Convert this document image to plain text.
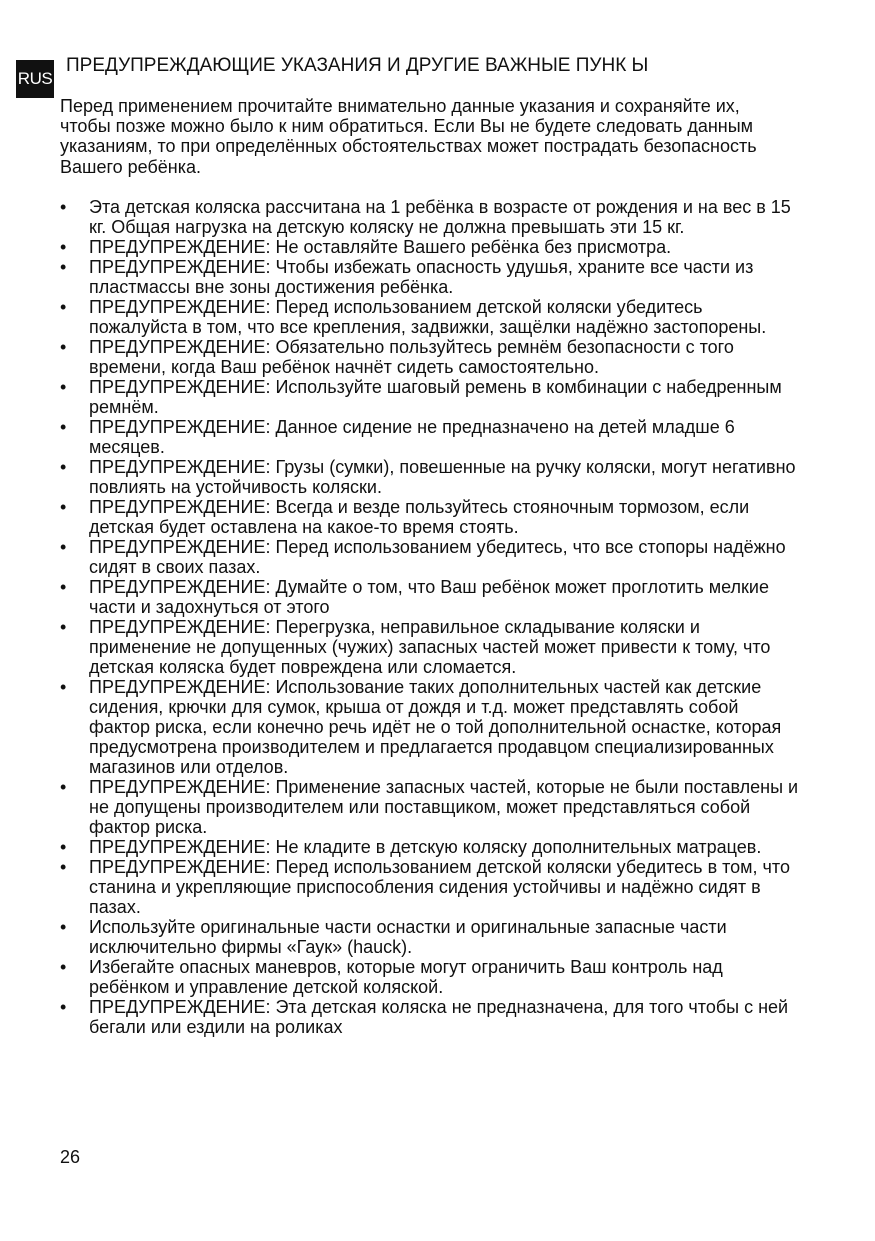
RUS
ПРЕДУПРЕЖДАЮЩИЕ УКАЗАНИЯ И ДРУГИЕ ВАЖНЫЕ ПУНК Ы

Перед применением прочитайте внимательно данные указания и сохраняйте их, чтобы позже можно было к ним обратиться. Если Вы не будете следовать данным указаниям, то при определённых обстоятельствах может пострадать безопасность Вашего ребёнка.

•	Эта детская коляска рассчитана на 1 ребёнка в возрасте от рождения и на вес в 15 кг. Общая нагрузка на детскую коляску не должна превышать эти 15 кг.
•	ПРЕДУПРЕЖДЕНИЕ: Не оставляйте Вашего ребёнка без присмотра.
•	ПРЕДУПРЕЖДЕНИЕ: Чтобы избежать опасность удушья, храните все части из пластмассы вне зоны достижения ребёнка.
•	ПРЕДУПРЕЖДЕНИЕ: Перед использованием детской коляски убедитесь пожалуйста в том, что все крепления, задвижки, защёлки надёжно застопорены.
•	ПРЕДУПРЕЖДЕНИЕ: Обязательно пользуйтесь ремнём безопасности с того времени, когда Ваш ребёнок начнёт сидеть самостоятельно.
•	ПРЕДУПРЕЖДЕНИЕ: Используйте шаговый ремень в комбинации с набедренным ремнём.
•	ПРЕДУПРЕЖДЕНИЕ: Данное сидение не предназначено на детей младше 6 месяцев.
•	ПРЕДУПРЕЖДЕНИЕ: Грузы (сумки), повешенные на ручку коляски, могут негативно повлиять на устойчивость коляски.
•	ПРЕДУПРЕЖДЕНИЕ: Всегда и везде пользуйтесь стояночным тормозом, если детская будет оставлена на какое-то время стоять.
•	ПРЕДУПРЕЖДЕНИЕ: Перед использованием убедитесь, что все стопоры надёжно сидят в своих пазах.
•	ПРЕДУПРЕЖДЕНИЕ: Думайте о том, что Ваш ребёнок может проглотить мелкие части и задохнуться от этого
•	ПРЕДУПРЕЖДЕНИЕ: Перегрузка, неправильное складывание коляски и применение не допущенных (чужих) запасных частей может привести к тому, что детская коляска будет повреждена или сломается.
•	ПРЕДУПРЕЖДЕНИЕ: Использование таких дополнительных частей как детские сидения, крючки для сумок, крыша от дождя и т.д. может представлять собой фактор риска, если конечно речь идёт не о той дополнительной оснастке, которая предусмотрена производителем и предлагается продавцом специализированных магазинов или отделов.
•	ПРЕДУПРЕЖДЕНИЕ: Применение запасных частей, которые не были поставлены и не допущены производителем или поставщиком, может представляться собой фактор риска.
•	ПРЕДУПРЕЖДЕНИЕ: Не кладите в детскую коляску дополнительных матрацев.
•	ПРЕДУПРЕЖДЕНИЕ: Перед использованием детской коляски убедитесь в том, что станина и укрепляющие приспособления сидения устойчивы и надёжно сидят в пазах.
•	Используйте оригинальные части оснастки и оригинальные запасные части исключительно фирмы «Гаук» (hauck).
•	Избегайте опасных маневров, которые могут ограничить Ваш контроль над ребёнком и управление детской коляской.
•	ПРЕДУПРЕЖДЕНИЕ: Эта детская коляска не предназначена, для того чтобы с ней бегали или ездили на роликах
26
